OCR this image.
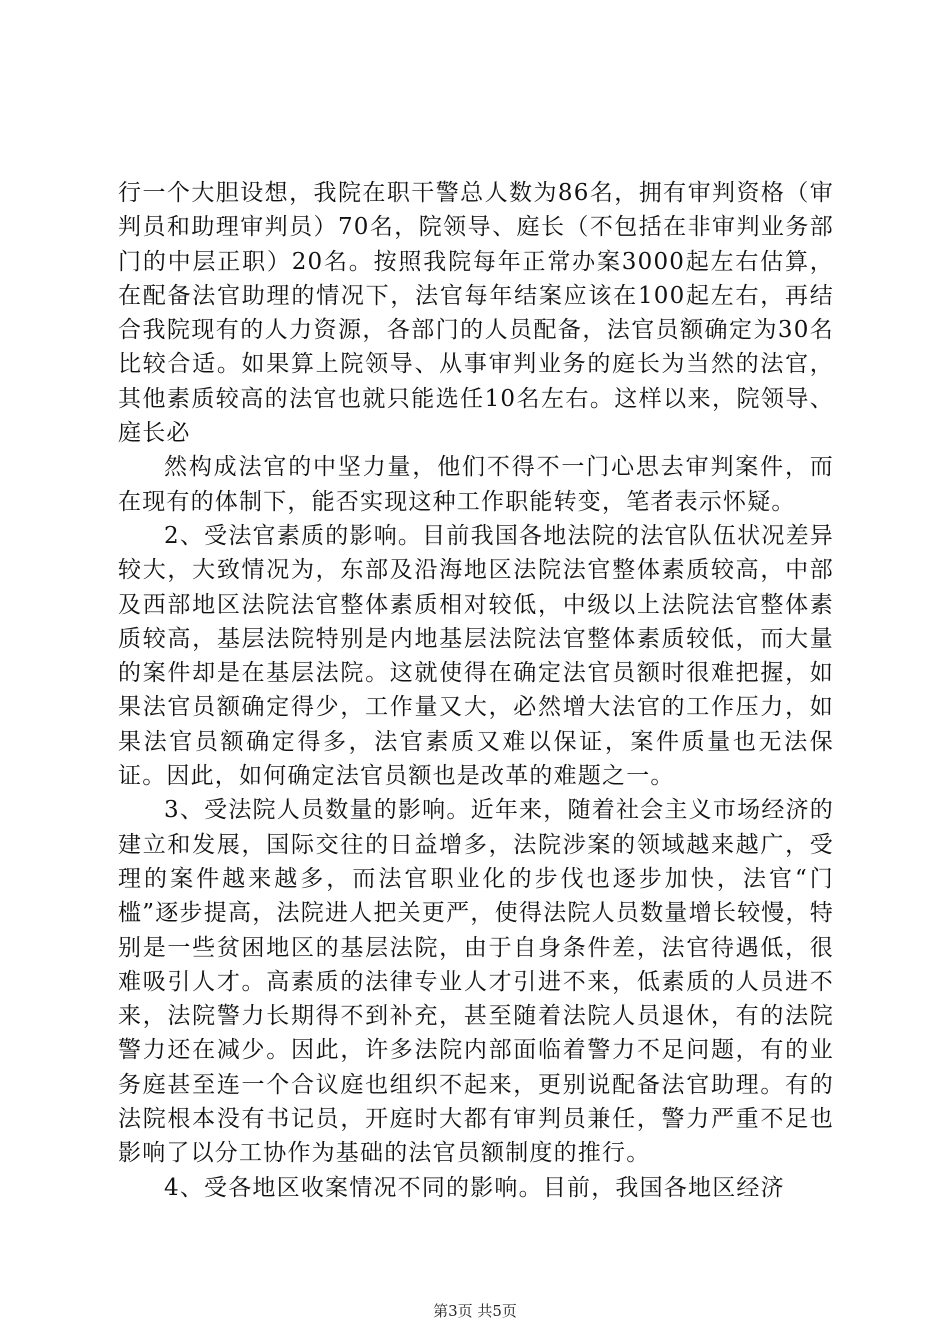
行一个大胆设想，我院在职干警总人数为86名，拥有审判资格（审判员和助理审判员）70名，院领导、庭长（不包括在非审判业务部门的中层正职）20名。按照我院每年正常办案3000起左右估算，在配备法官助理的情况下，法官每年结案应该在100起左右，再结合我院现有的人力资源，各部门的人员配备，法官员额确定为30名比较合适。如果算上院领导、从事审判业务的庭长为当然的法官，其他素质较高的法官也就只能选任10名左右。这样以来，院领导、庭长必

然构成法官的中坚力量，他们不得不一门心思去审判案件，而在现有的体制下，能否实现这种工作职能转变，笔者表示怀疑。

2、受法官素质的影响。目前我国各地法院的法官队伍状况差异较大，大致情况为，东部及沿海地区法院法官整体素质较高，中部及西部地区法院法官整体素质相对较低，中级以上法院法官整体素质较高，基层法院特别是内地基层法院法官整体素质较低，而大量的案件却是在基层法院。这就使得在确定法官员额时很难把握，如果法官员额确定得少，工作量又大，必然增大法官的工作压力，如果法官员额确定得多，法官素质又难以保证，案件质量也无法保证。因此，如何确定法官员额也是改革的难题之一。

3、受法院人员数量的影响。近年来，随着社会主义市场经济的建立和发展，国际交往的日益增多，法院涉案的领域越来越广，受理的案件越来越多，而法官职业化的步伐也逐步加快，法官“门槛”逐步提高，法院进人把关更严，使得法院人员数量增长较慢，特别是一些贫困地区的基层法院，由于自身条件差，法官待遇低，很难吸引人才。高素质的法律专业人才引进不来，低素质的人员进不来，法院警力长期得不到补充，甚至随着法院人员退休，有的法院警力还在减少。因此，许多法院内部面临着警力不足问题，有的业务庭甚至连一个合议庭也组织不起来，更别说配备法官助理。有的法院根本没有书记员，开庭时大都有审判员兼任，警力严重不足也影响了以分工协作为基础的法官员额制度的推行。

4、受各地区收案情况不同的影响。目前，我国各地区经济

第3页 共5页
